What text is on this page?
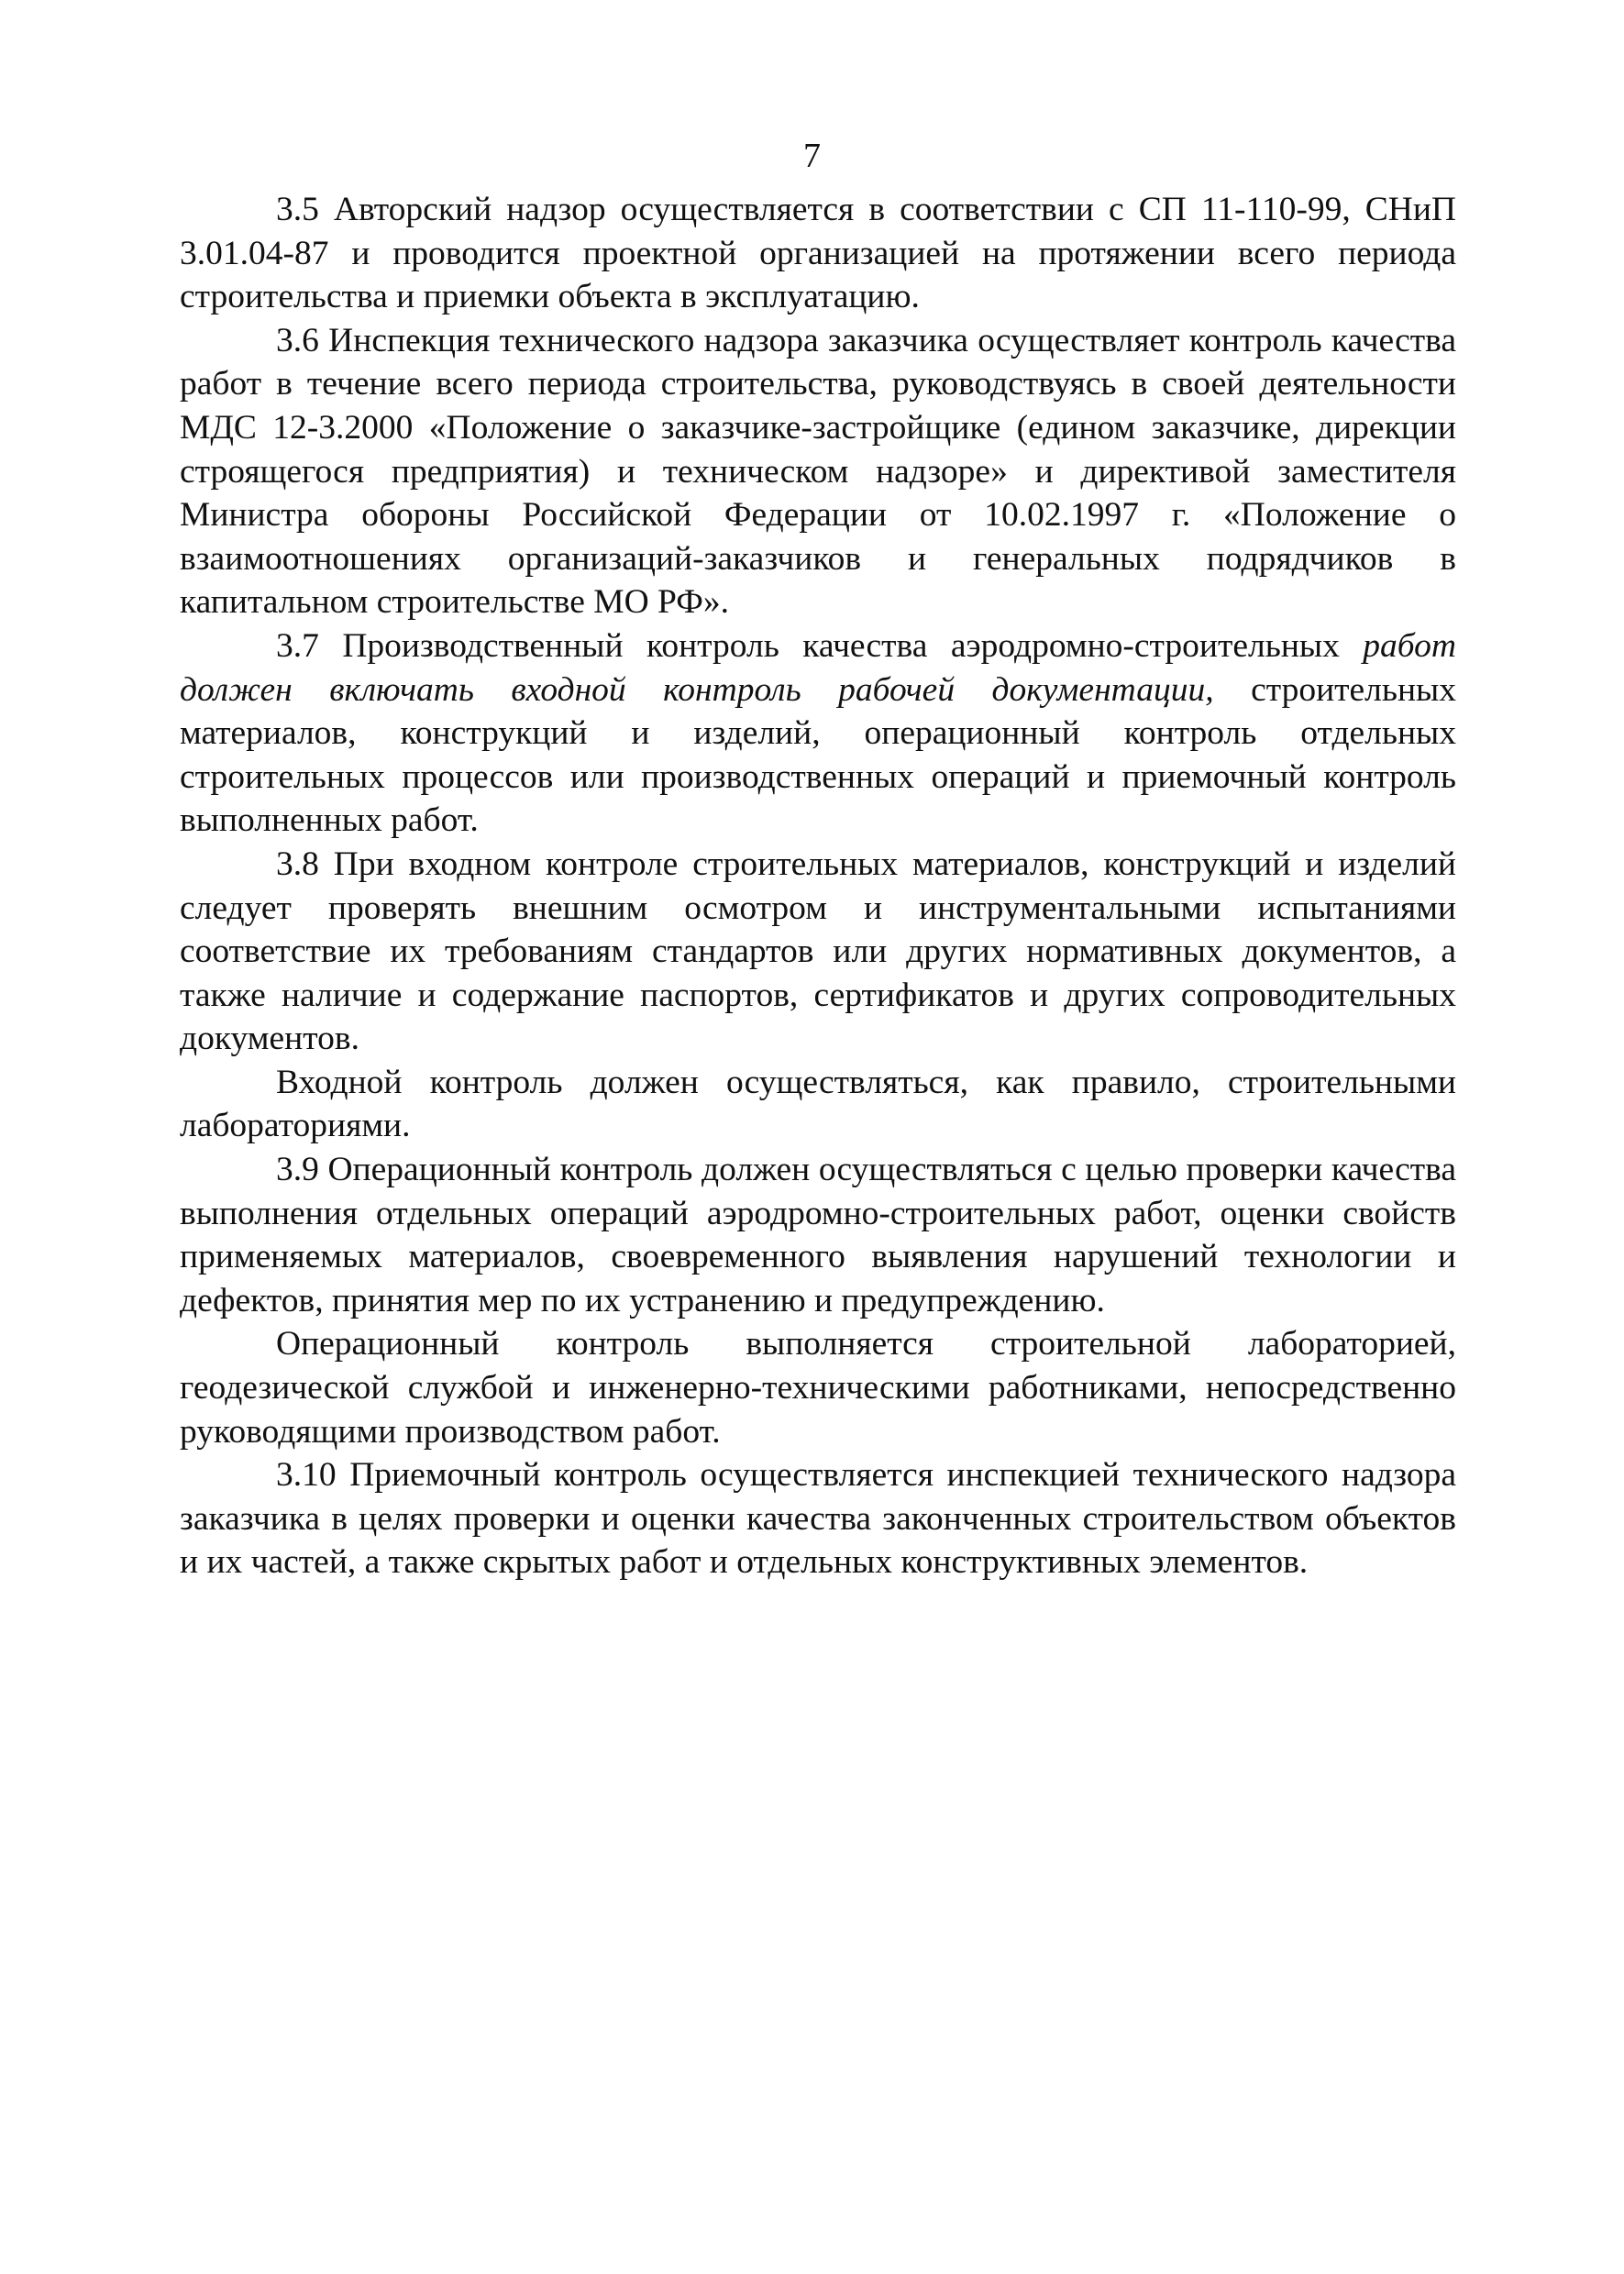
7

3.5 Авторский надзор осуществляется в соответствии с СП 11-110-99, СНиП 3.01.04-87 и проводится проектной организацией на протяжении всего периода строительства и приемки объекта в эксплуатацию.

3.6 Инспекция технического надзора заказчика осуществляет контроль качества работ в течение всего периода строительства, руководствуясь в своей деятельности МДС 12-3.2000 «Положение о заказчике-застройщике (едином заказчике, дирекции строящегося предприятия) и техническом надзоре» и директивой заместителя Министра обороны Российской Федерации от 10.02.1997 г. «Положение о взаимоотношениях организаций-заказчиков и генеральных подрядчиков в капитальном строительстве МО РФ».

3.7 Производственный контроль качества аэродромно-строительных работ должен включать входной контроль рабочей документации, строительных материалов, конструкций и изделий, операционный контроль отдельных строительных процессов или производственных операций и приемочный контроль выполненных работ.

3.8 При входном контроле строительных материалов, конструкций и изделий следует проверять внешним осмотром и инструментальными испытаниями соответствие их требованиям стандартов или других нормативных документов, а также наличие и содержание паспортов, сертификатов и других сопроводительных документов.

Входной контроль должен осуществляться, как правило, строительными лабораториями.

3.9 Операционный контроль должен осуществляться с целью проверки качества выполнения отдельных операций аэродромно-строительных работ, оценки свойств применяемых материалов, своевременного выявления нарушений технологии и дефектов, принятия мер по их устранению и предупреждению.

Операционный контроль выполняется строительной лабораторией, геодезической службой и инженерно-техническими работниками, непосредственно руководящими производством работ.

3.10 Приемочный контроль осуществляется инспекцией технического надзора заказчика в целях проверки и оценки качества законченных строительством объектов и их частей, а также скрытых работ и отдельных конструктивных элементов.
